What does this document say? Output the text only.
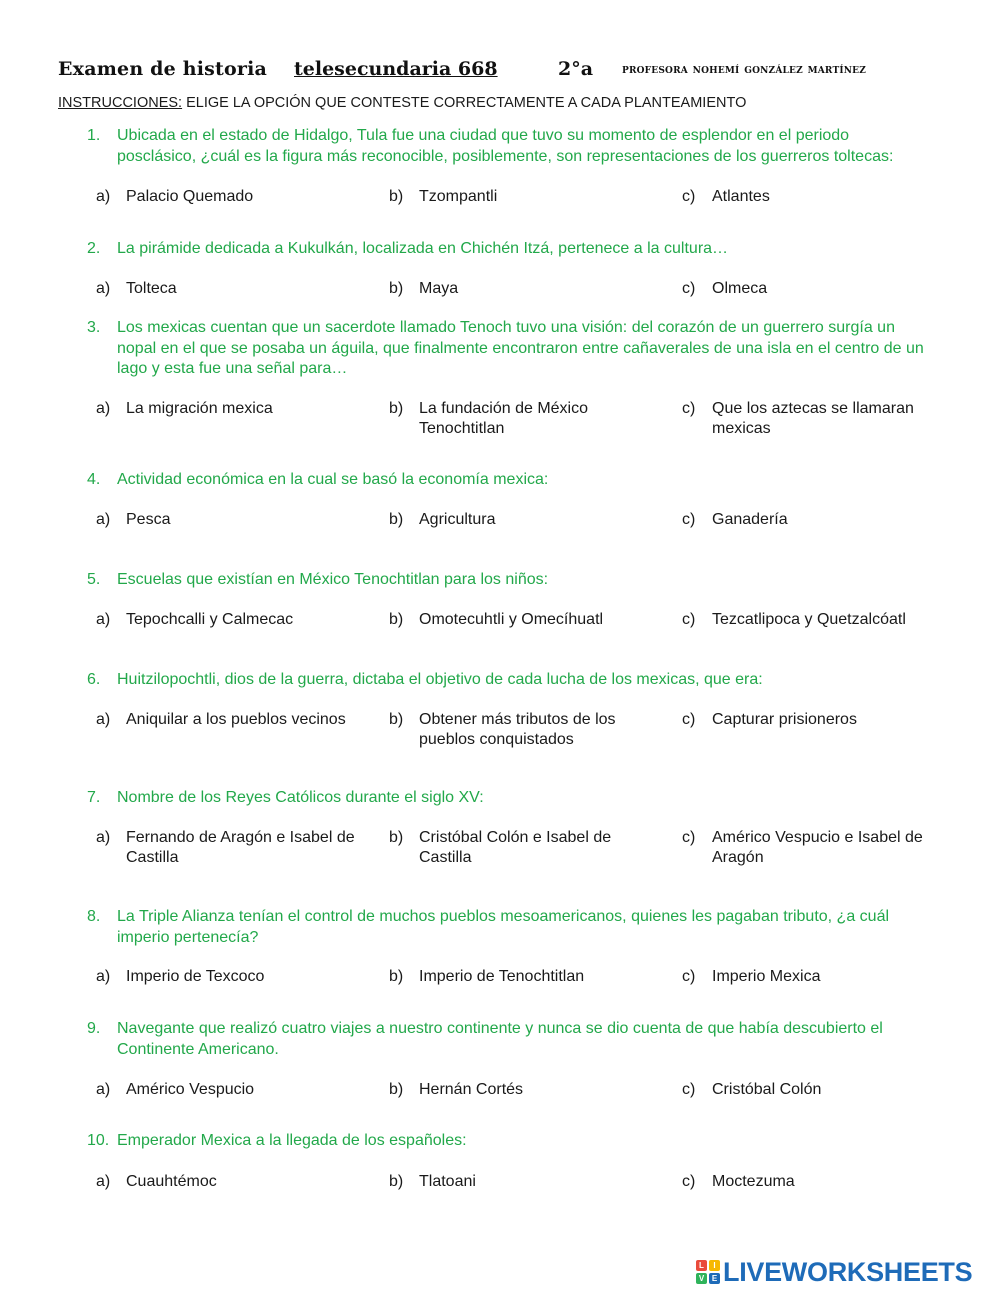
Examen de historia telesecundaria 668	2°a profesora nohemí gonzález martínez
INSTRUCCIONES: ELIGE LA OPCIÓN QUE CONTESTE CORRECTAMENTE A CADA PLANTEAMIENTO
1. Ubicada en el estado de Hidalgo, Tula fue una ciudad que tuvo su momento de esplendor en el periodo posclásico, ¿cuál es la figura más reconocible, posiblemente, son representaciones de los guerreros toltecas:
a) Palacio Quemado	b) Tzompantli	c) Atlantes
2. La pirámide dedicada a Kukulkán, localizada en Chichén Itzá, pertenece a la cultura…
a) Tolteca	b) Maya	c) Olmeca
3. Los mexicas cuentan que un sacerdote llamado Tenoch tuvo una visión: del corazón de un guerrero surgía un nopal en el que se posaba un águila, que finalmente encontraron entre cañaverales de una isla en el centro de un lago y esta fue una señal para…
a) La migración mexica	b) La fundación de México Tenochtitlan
c) Que los aztecas se llamaran mexicas
4. Actividad económica en la cual se basó la economía mexica:
a) Pesca	b) Agricultura	c) Ganadería
5. Escuelas que existían en México Tenochtitlan para los niños:
a) Tepochcalli y Calmecac	b) Omotecuhtli y Omecíhuatl	c) Tezcatlipoca y Quetzalcóatl
6. Huitzilopochtli, dios de la guerra, dictaba el objetivo de cada lucha de los mexicas, que era:
a) Aniquilar a los pueblos vecinos	b) Obtener más tributos de los pueblos conquistados
c) Capturar prisioneros
7. Nombre de los Reyes Católicos durante el siglo XV:
a) Fernando de Aragón e Isabel de Castilla
b) Cristóbal Colón e Isabel de Castilla
c) Américo Vespucio e Isabel de Aragón
8. La Triple Alianza tenían el control de muchos pueblos mesoamericanos, quienes les pagaban tributo, ¿a cuál imperio pertenecía?
a) Imperio de Texcoco	b) Imperio de Tenochtitlan	c) Imperio Mexica
9. Navegante que realizó cuatro viajes a nuestro continente y nunca se dio cuenta de que había descubierto el Continente Americano.
a) Américo Vespucio	b) Hernán Cortés	c) Cristóbal Colón
10. Emperador Mexica a la llegada de los españoles:
a) Cuauhtémoc	b) Tlatoani	c) Moctezuma
L	I
V E LIVEWORKSHEETS
